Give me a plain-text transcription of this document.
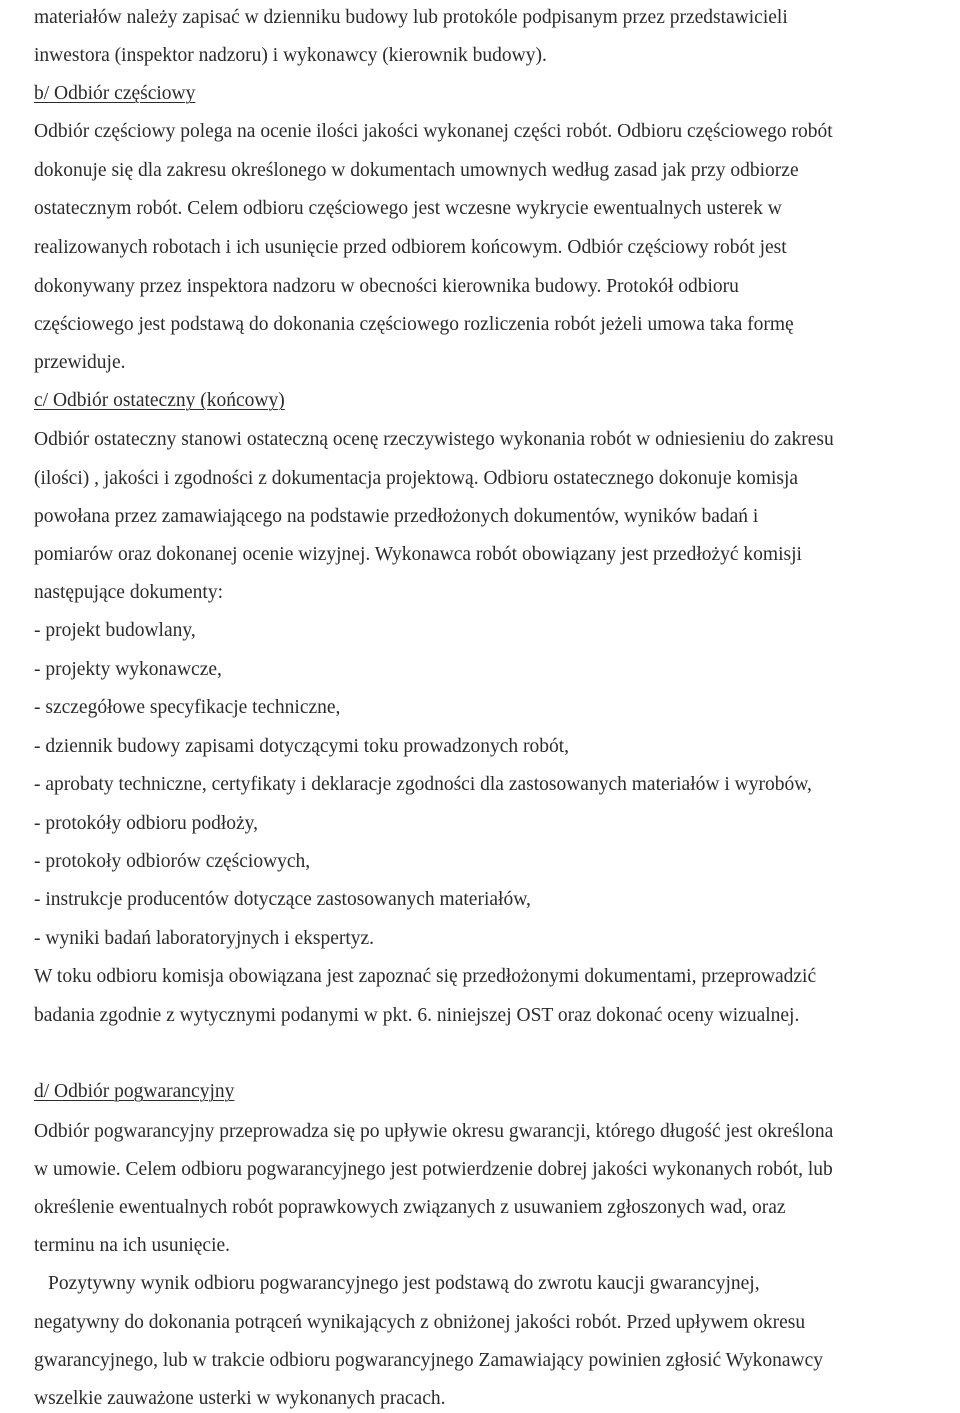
materiałów należy zapisać w dzienniku budowy lub protokóle podpisanym przez przedstawicieli
inwestora (inspektor nadzoru) i wykonawcy (kierownik budowy).
b/ Odbiór częściowy
Odbiór częściowy polega na ocenie ilości jakości wykonanej części robót. Odbioru częściowego robót
dokonuje się dla zakresu określonego w dokumentach umownych według zasad jak przy odbiorze
ostatecznym robót. Celem odbioru częściowego jest wczesne wykrycie ewentualnych usterek w
realizowanych robotach i ich usunięcie przed odbiorem końcowym. Odbiór częściowy robót jest
dokonywany przez inspektora nadzoru w obecności kierownika budowy. Protokół odbioru
częściowego jest podstawą do dokonania częściowego rozliczenia robót jeżeli umowa taka formę
przewiduje.
c/ Odbiór ostateczny (końcowy)
Odbiór ostateczny stanowi ostateczną ocenę rzeczywistego wykonania robót w odniesieniu do zakresu
(ilości) , jakości i zgodności z dokumentacja projektową. Odbioru ostatecznego dokonuje komisja
powołana przez zamawiającego na podstawie przedłożonych dokumentów, wyników badań i
pomiarów oraz dokonanej ocenie wizyjnej. Wykonawca robót obowiązany jest przedłożyć komisji
następujące dokumenty:
- projekt budowlany,
- projekty wykonawcze,
- szczegółowe specyfikacje techniczne,
- dziennik budowy zapisami dotyczącymi toku prowadzonych robót,
- aprobaty techniczne, certyfikaty i deklaracje zgodności dla zastosowanych materiałów i wyrobów,
- protokóły odbioru podłoży,
- protokoły odbiorów częściowych,
- instrukcje producentów dotyczące zastosowanych materiałów,
- wyniki badań laboratoryjnych i ekspertyz.
W toku odbioru komisja obowiązana jest zapoznać się przedłożonymi dokumentami, przeprowadzić
badania zgodnie z wytycznymi podanymi w pkt. 6. niniejszej OST oraz dokonać oceny wizualnej.
d/ Odbiór pogwarancyjny
Odbiór pogwarancyjny przeprowadza się po upływie okresu gwarancji, którego długość jest określona
w umowie. Celem odbioru pogwarancyjnego jest potwierdzenie dobrej jakości wykonanych robót, lub
określenie ewentualnych robót poprawkowych związanych z usuwaniem zgłoszonych wad, oraz
terminu na ich usunięcie.
Pozytywny wynik odbioru pogwarancyjnego jest podstawą do zwrotu kaucji gwarancyjnej,
negatywny do dokonania potrąceń wynikających z obniżonej jakości robót. Przed upływem okresu
gwarancyjnego, lub w trakcie odbioru pogwarancyjnego Zamawiający powinien zgłosić Wykonawcy
wszelkie zauważone usterki w wykonanych pracach.
